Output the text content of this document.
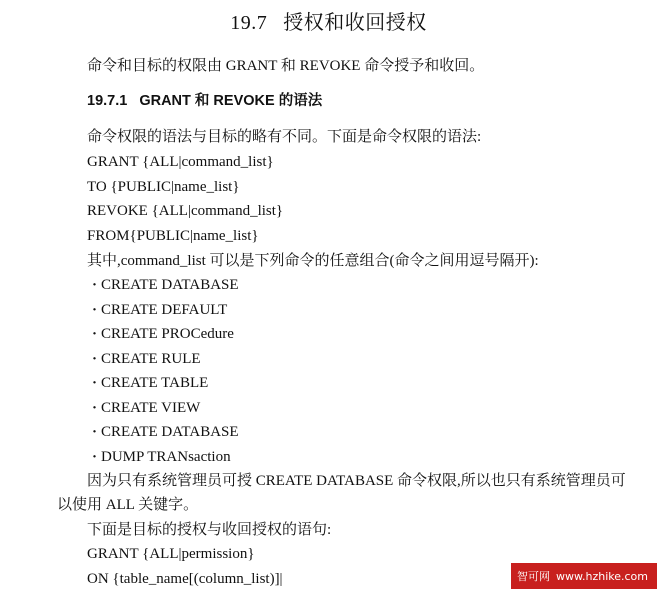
19.7 授权和收回授权
命令和目标的权限由 GRANT 和 REVOKE 命令授予和收回。
19.7.1 GRANT 和 REVOKE 的语法
命令权限的语法与目标的略有不同。下面是命令权限的语法:
GRANT {ALL|command_list}
TO {PUBLIC|name_list}
REVOKE {ALL|command_list}
FROM{PUBLIC|name_list}
其中,command_list 可以是下列命令的任意组合(命令之间用逗号隔开):
· CREATE DATABASE
· CREATE DEFAULT
· CREATE PROCedure
· CREATE RULE
· CREATE TABLE
· CREATE VIEW
· CREATE DATABASE
· DUMP TRANsaction
因为只有系统管理员可授 CREATE DATABASE 命令权限,所以也只有系统管理员可
以使用 ALL 关键字。
下面是目标的授权与收回授权的语句:
GRANT {ALL|permission}
ON {table_name[(column_list)]|	智可网 www.hzhike.com
